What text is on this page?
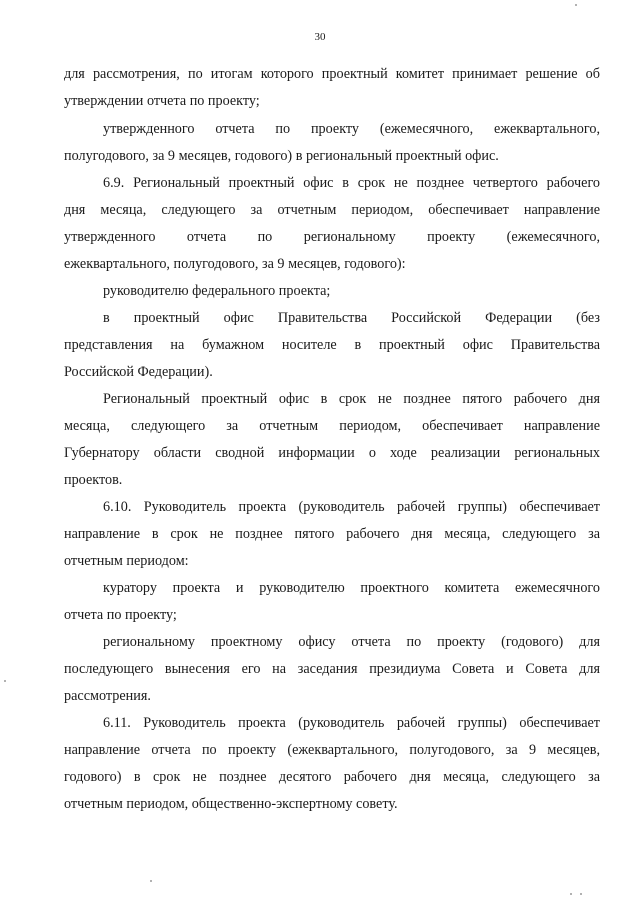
30
для рассмотрения, по итогам которого проектный комитет принимает решение об
утверждении отчета по проекту;
утвержденного отчета по проекту (ежемесячного, ежеквартального,
полугодового, за 9 месяцев, годового) в региональный проектный офис.
6.9. Региональный проектный офис в срок не позднее четвертого рабочего
дня месяца, следующего за отчетным периодом, обеспечивает направление
утвержденного отчета по региональному проекту (ежемесячного,
ежеквартального, полугодового, за 9 месяцев, годового):
руководителю федерального проекта;
в проектный офис Правительства Российской Федерации (без
представления на бумажном носителе в проектный офис Правительства
Российской Федерации).
Региональный проектный офис в срок не позднее пятого рабочего дня
месяца, следующего за отчетным периодом, обеспечивает направление
Губернатору области сводной информации о ходе реализации региональных
проектов.
6.10. Руководитель проекта (руководитель рабочей группы) обеспечивает
направление в срок не позднее пятого рабочего дня месяца, следующего за
отчетным периодом:
куратору проекта и руководителю проектного комитета ежемесячного
отчета по проекту;
региональному проектному офису отчета по проекту (годового) для
последующего вынесения его на заседания президиума Совета и Совета для
рассмотрения.
6.11. Руководитель проекта (руководитель рабочей группы) обеспечивает
направление отчета по проекту (ежеквартального, полугодового, за 9 месяцев,
годового) в срок не позднее десятого рабочего дня месяца, следующего за
отчетным периодом, общественно-экспертному совету.
